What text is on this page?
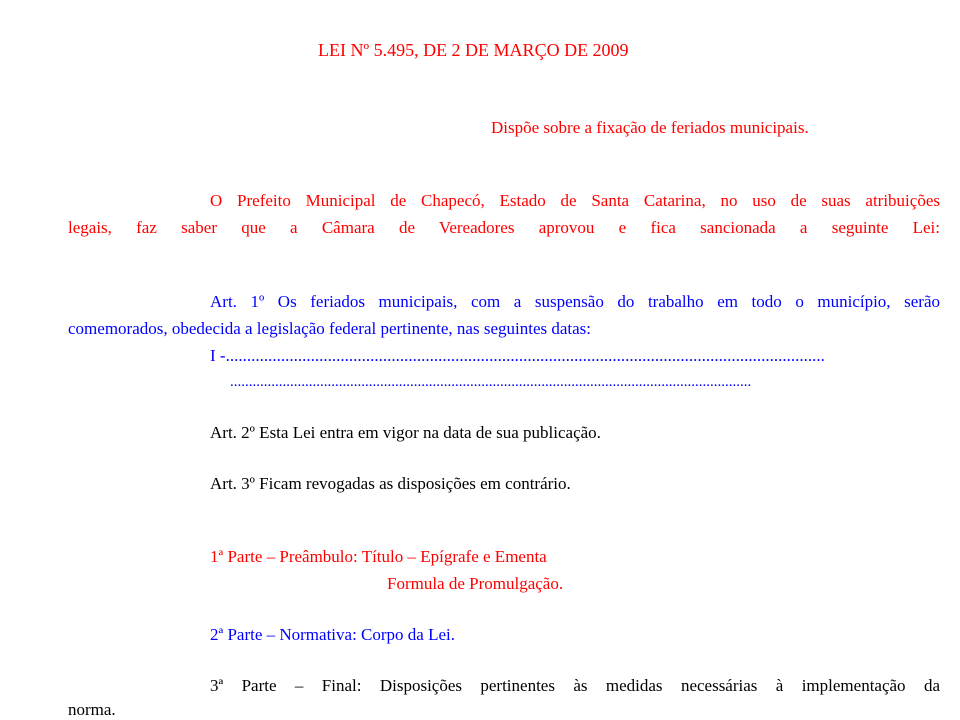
LEI Nº 5.495, DE 2 DE MARÇO DE 2009
Dispõe sobre a fixação de feriados municipais.
O Prefeito Municipal de Chapecó, Estado de Santa Catarina, no uso de suas atribuições
legais, faz saber que a Câmara de Vereadores aprovou e fica sancionada a seguinte Lei:
Art. 1º Os feriados municipais, com a suspensão do trabalho em todo o município, serão
comemorados, obedecida a legislação federal pertinente, nas seguintes datas:
I -.............................................................................................................................................
...........................................................................................................................................
Art. 2º Esta Lei entra em vigor na data de sua publicação.
Art. 3º Ficam revogadas as disposições em contrário.
1ª Parte – Preâmbulo: Título – Epígrafe e Ementa
Formula de Promulgação.
2ª Parte – Normativa: Corpo da Lei.
3ª Parte – Final: Disposições pertinentes às medidas necessárias à implementação da
norma.
